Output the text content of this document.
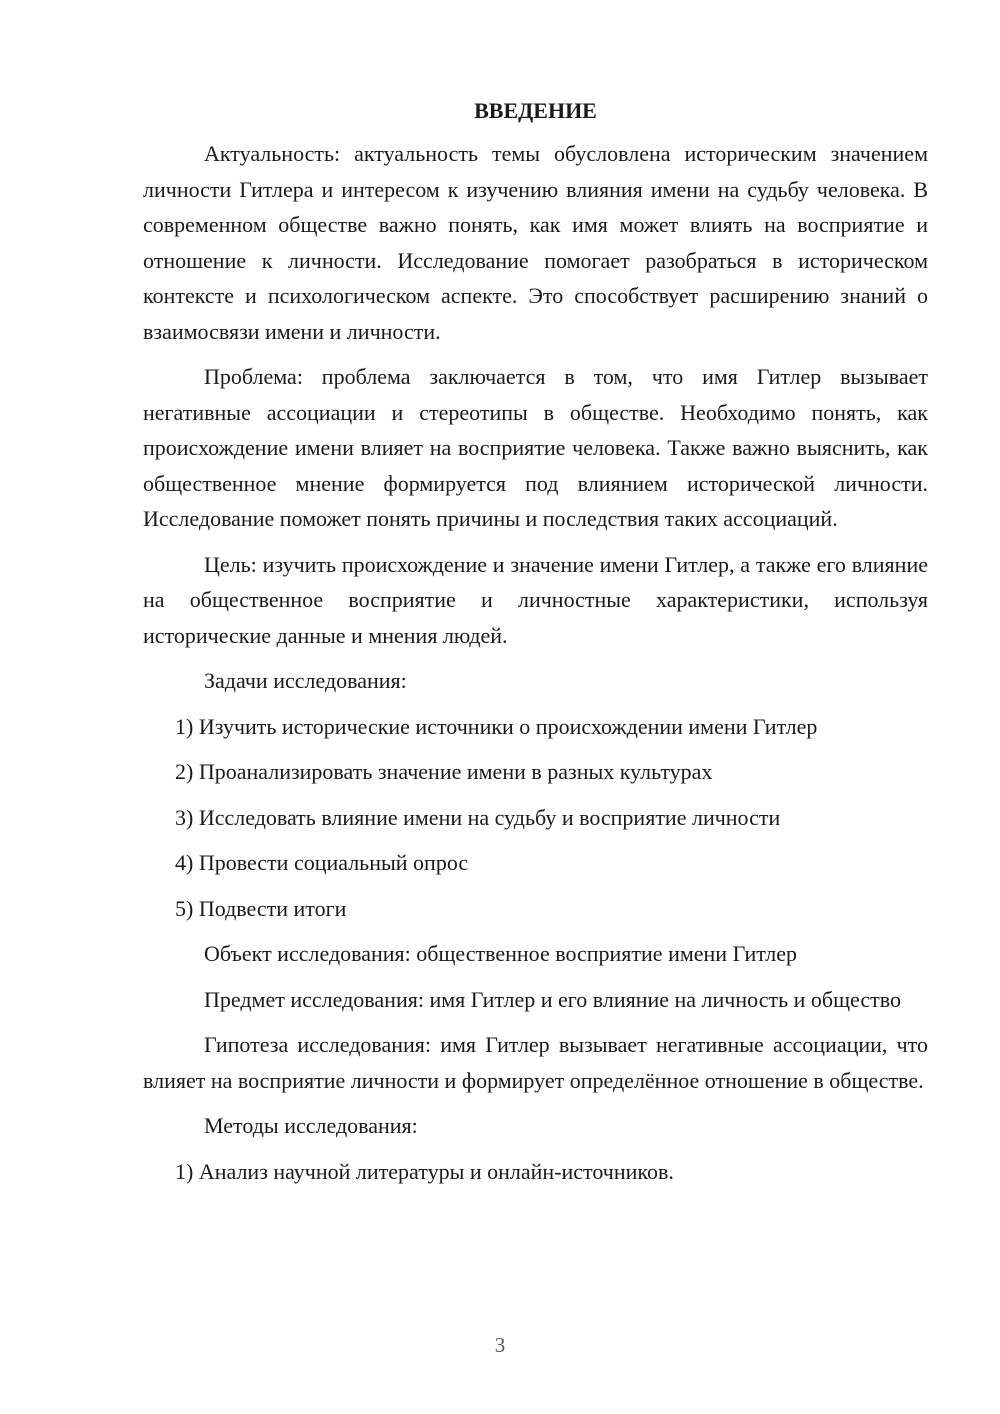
ВВЕДЕНИЕ

Актуальность: актуальность темы обусловлена историческим значением личности Гитлера и интересом к изучению влияния имени на судьбу человека. В современном обществе важно понять, как имя может влиять на восприятие и отношение к личности. Исследование помогает разобраться в историческом контексте и психологическом аспекте. Это способствует расширению знаний о взаимосвязи имени и личности.

Проблема: проблема заключается в том, что имя Гитлер вызывает негативные ассоциации и стереотипы в обществе. Необходимо понять, как происхождение имени влияет на восприятие человека. Также важно выяснить, как общественное мнение формируется под влиянием исторической личности. Исследование поможет понять причины и последствия таких ассоциаций.

Цель: изучить происхождение и значение имени Гитлер, а также его влияние на общественное восприятие и личностные характеристики, используя исторические данные и мнения людей.

Задачи исследования:

1) Изучить исторические источники о происхождении имени Гитлер

2) Проанализировать значение имени в разных культурах

3) Исследовать влияние имени на судьбу и восприятие личности

4) Провести социальный опрос

5) Подвести итоги

Объект исследования: общественное восприятие имени Гитлер

Предмет исследования: имя Гитлер и его влияние на личность и общество

Гипотеза исследования: имя Гитлер вызывает негативные ассоциации, что влияет на восприятие личности и формирует определённое отношение в обществе.

Методы исследования:

1) Анализ научной литературы и онлайн-источников.

3
